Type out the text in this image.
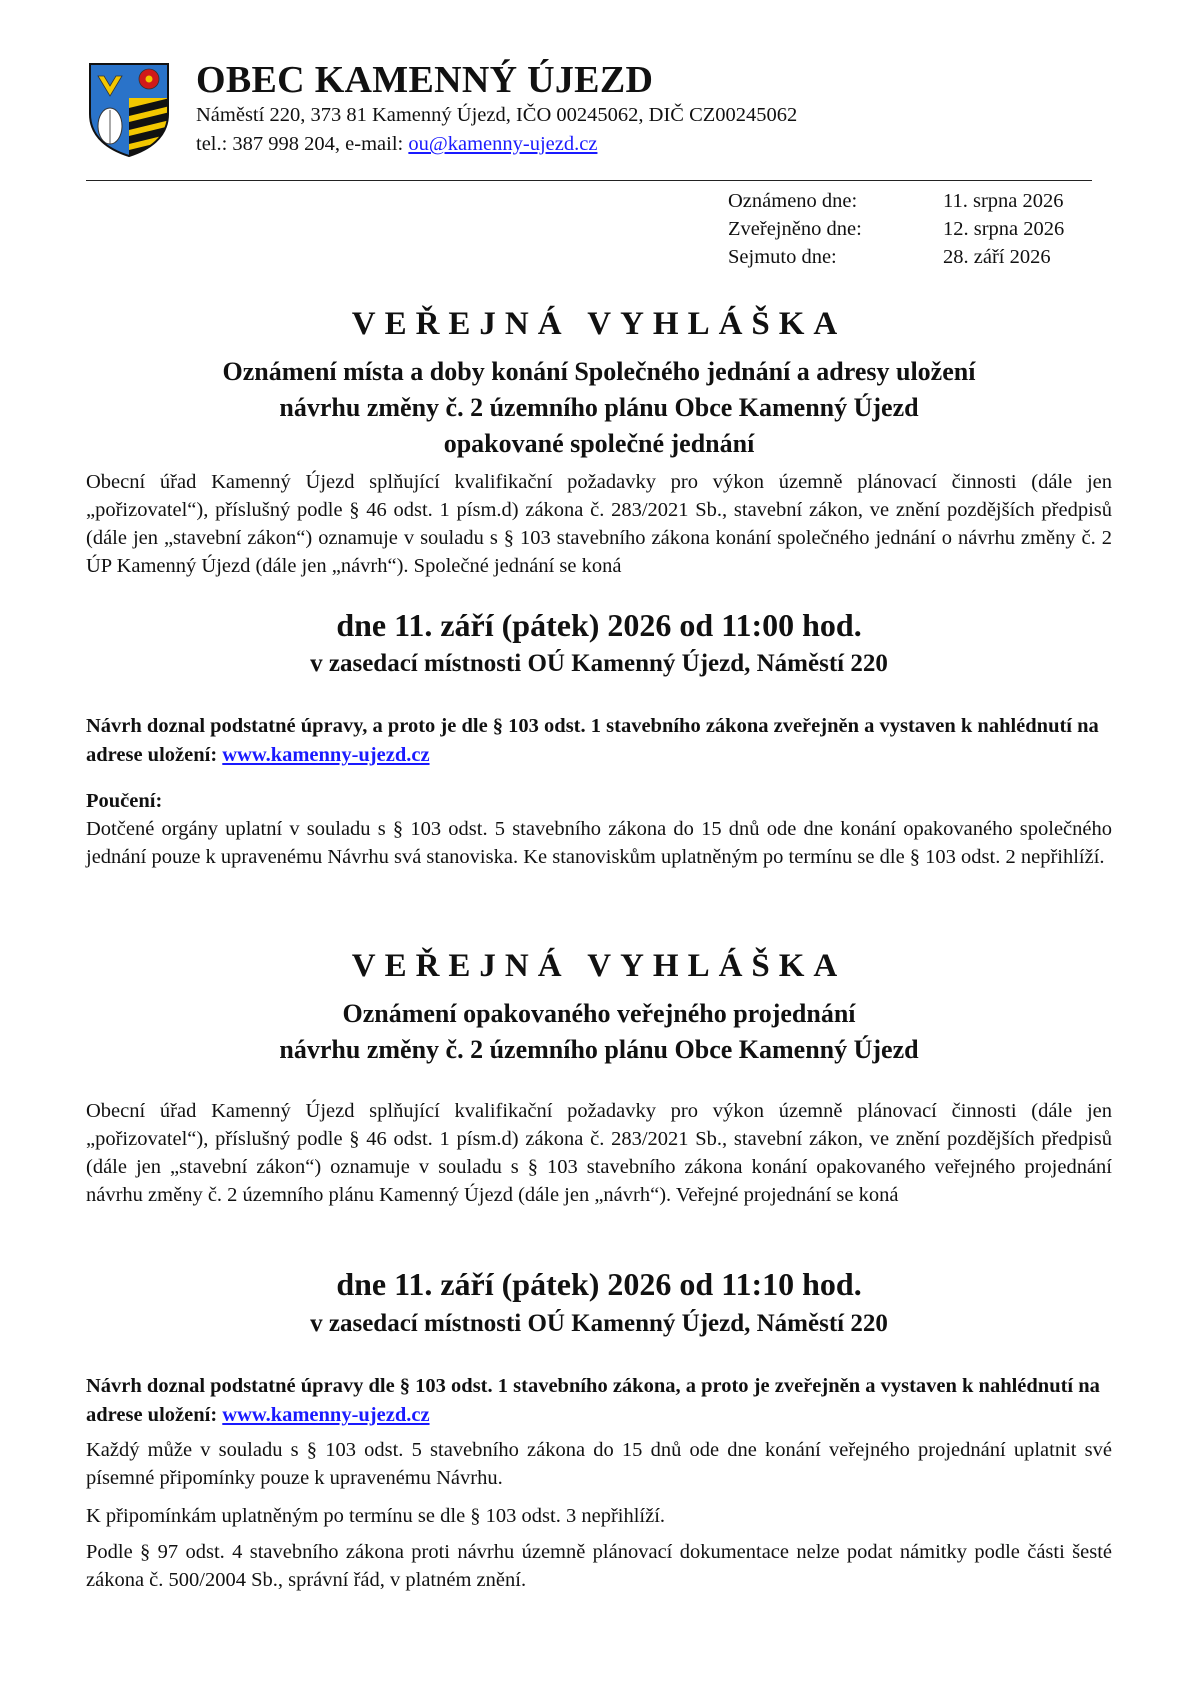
OBEC KAMENNÝ ÚJEZD
Náměstí 220, 373 81 Kamenný Újezd, IČO 00245062, DIČ CZ00245062
tel.: 387 998 204, e-mail: ou@kamenny-ujezd.cz
Oznámeno dne:	11. srpna 2026
Zveřejněno dne:	12. srpna 2026
Sejmuto dne:	28. září 2026
VEŘEJNÁ VYHLÁŠKA
Oznámení místa a doby konání Společného jednání a adresy uložení
návrhu změny č. 2 územního plánu Obce Kamenný Újezd
opakované společné jednání
Obecní úřad Kamenný Újezd splňující kvalifikační požadavky pro výkon územně plánovací činnosti (dále jen „pořizovatel“), příslušný podle § 46 odst. 1 písm.d) zákona č. 283/2021 Sb., stavební zákon, ve znění pozdějších předpisů (dále jen „stavební zákon“) oznamuje v souladu s § 103 stavebního zákona konání společného jednání o návrhu změny č. 2 ÚP Kamenný Újezd (dále jen „návrh“). Společné jednání se koná
dne 11. září (pátek) 2026 od 11:00 hod.
v zasedací místnosti OÚ Kamenný Újezd, Náměstí 220
Návrh doznal podstatné úpravy, a proto je dle § 103 odst. 1 stavebního zákona zveřejněn a vystaven k nahlédnutí na adrese uložení: www.kamenny-ujezd.cz
Poučení:
Dotčené orgány uplatní v souladu s § 103 odst. 5 stavebního zákona do 15 dnů ode dne konání opakovaného společného jednání pouze k upravenému Návrhu svá stanoviska. Ke stanoviskům uplatněným po termínu se dle § 103 odst. 2 nepřihlíží.
VEŘEJNÁ VYHLÁŠKA
Oznámení opakovaného veřejného projednání
návrhu změny č. 2 územního plánu Obce Kamenný Újezd
Obecní úřad Kamenný Újezd splňující kvalifikační požadavky pro výkon územně plánovací činnosti (dále jen „pořizovatel“), příslušný podle § 46 odst. 1 písm.d) zákona č. 283/2021 Sb., stavební zákon, ve znění pozdějších předpisů (dále jen „stavební zákon“) oznamuje v souladu s § 103 stavebního zákona konání opakovaného veřejného projednání návrhu změny č. 2 územního plánu Kamenný Újezd (dále jen „návrh“). Veřejné projednání se koná
dne 11. září (pátek) 2026 od 11:10 hod.
v zasedací místnosti OÚ Kamenný Újezd, Náměstí 220
Návrh doznal podstatné úpravy dle § 103 odst. 1 stavebního zákona, a proto je zveřejněn a vystaven k nahlédnutí na adrese uložení: www.kamenny-ujezd.cz
Každý může v souladu s § 103 odst. 5 stavebního zákona do 15 dnů ode dne konání veřejného projednání uplatnit své písemné připomínky pouze k upravenému Návrhu.
K připomínkám uplatněným po termínu se dle § 103 odst. 3 nepřihlíží.
Podle § 97 odst. 4 stavebního zákona proti návrhu územně plánovací dokumentace nelze podat námitky podle části šesté zákona č. 500/2004 Sb., správní řád, v platném znění.
